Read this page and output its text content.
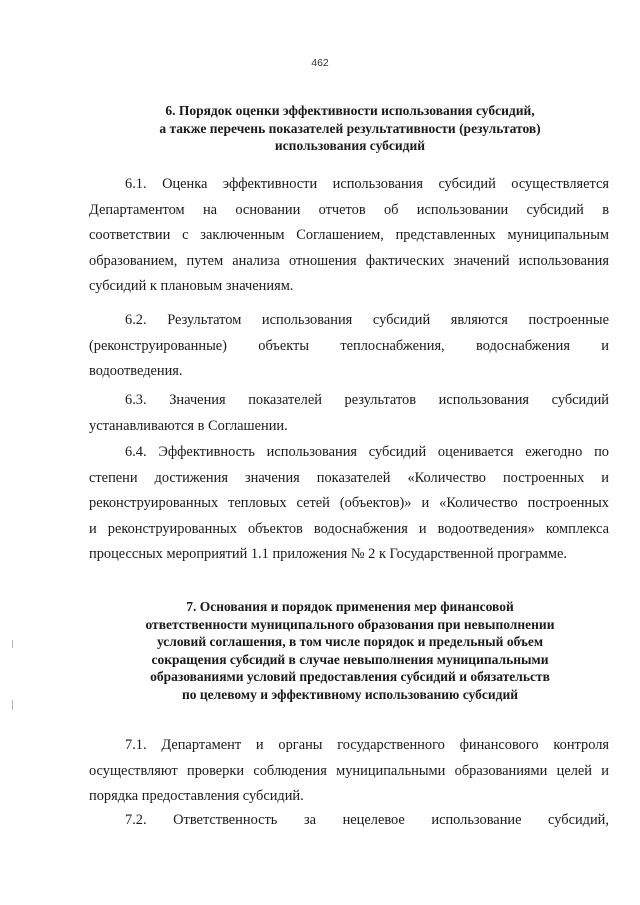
462
6. Порядок оценки эффективности использования субсидий,
а также перечень показателей результативности (результатов)
использования субсидий
6.1. Оценка эффективности использования субсидий осуществляется
Департаментом на основании отчетов об использовании субсидий в
соответствии с заключенным Соглашением, представленных муниципальным
образованием, путем анализа отношения фактических значений использования
субсидий к плановым значениям.
6.2. Результатом использования субсидий являются построенные
(реконструированные) объекты теплоснабжения, водоснабжения и
водоотведения.
6.3. Значения показателей результатов использования субсидий
устанавливаются в Соглашении.
6.4. Эффективность использования субсидий оценивается ежегодно по
степени достижения значения показателей «Количество построенных и
реконструированных тепловых сетей (объектов)» и «Количество построенных
и реконструированных объектов водоснабжения и водоотведения» комплекса
процессных мероприятий 1.1 приложения № 2 к Государственной программе.
7. Основания и порядок применения мер финансовой
ответственности муниципального образования при невыполнении
условий соглашения, в том числе порядок и предельный объем
сокращения субсидий в случае невыполнения муниципальными
образованиями условий предоставления субсидий и обязательств
по целевому и эффективному использованию субсидий
7.1. Департамент и органы государственного финансового контроля
осуществляют проверки соблюдения муниципальными образованиями целей и
порядка предоставления субсидий.
7.2. Ответственность за нецелевое использование субсидий,
